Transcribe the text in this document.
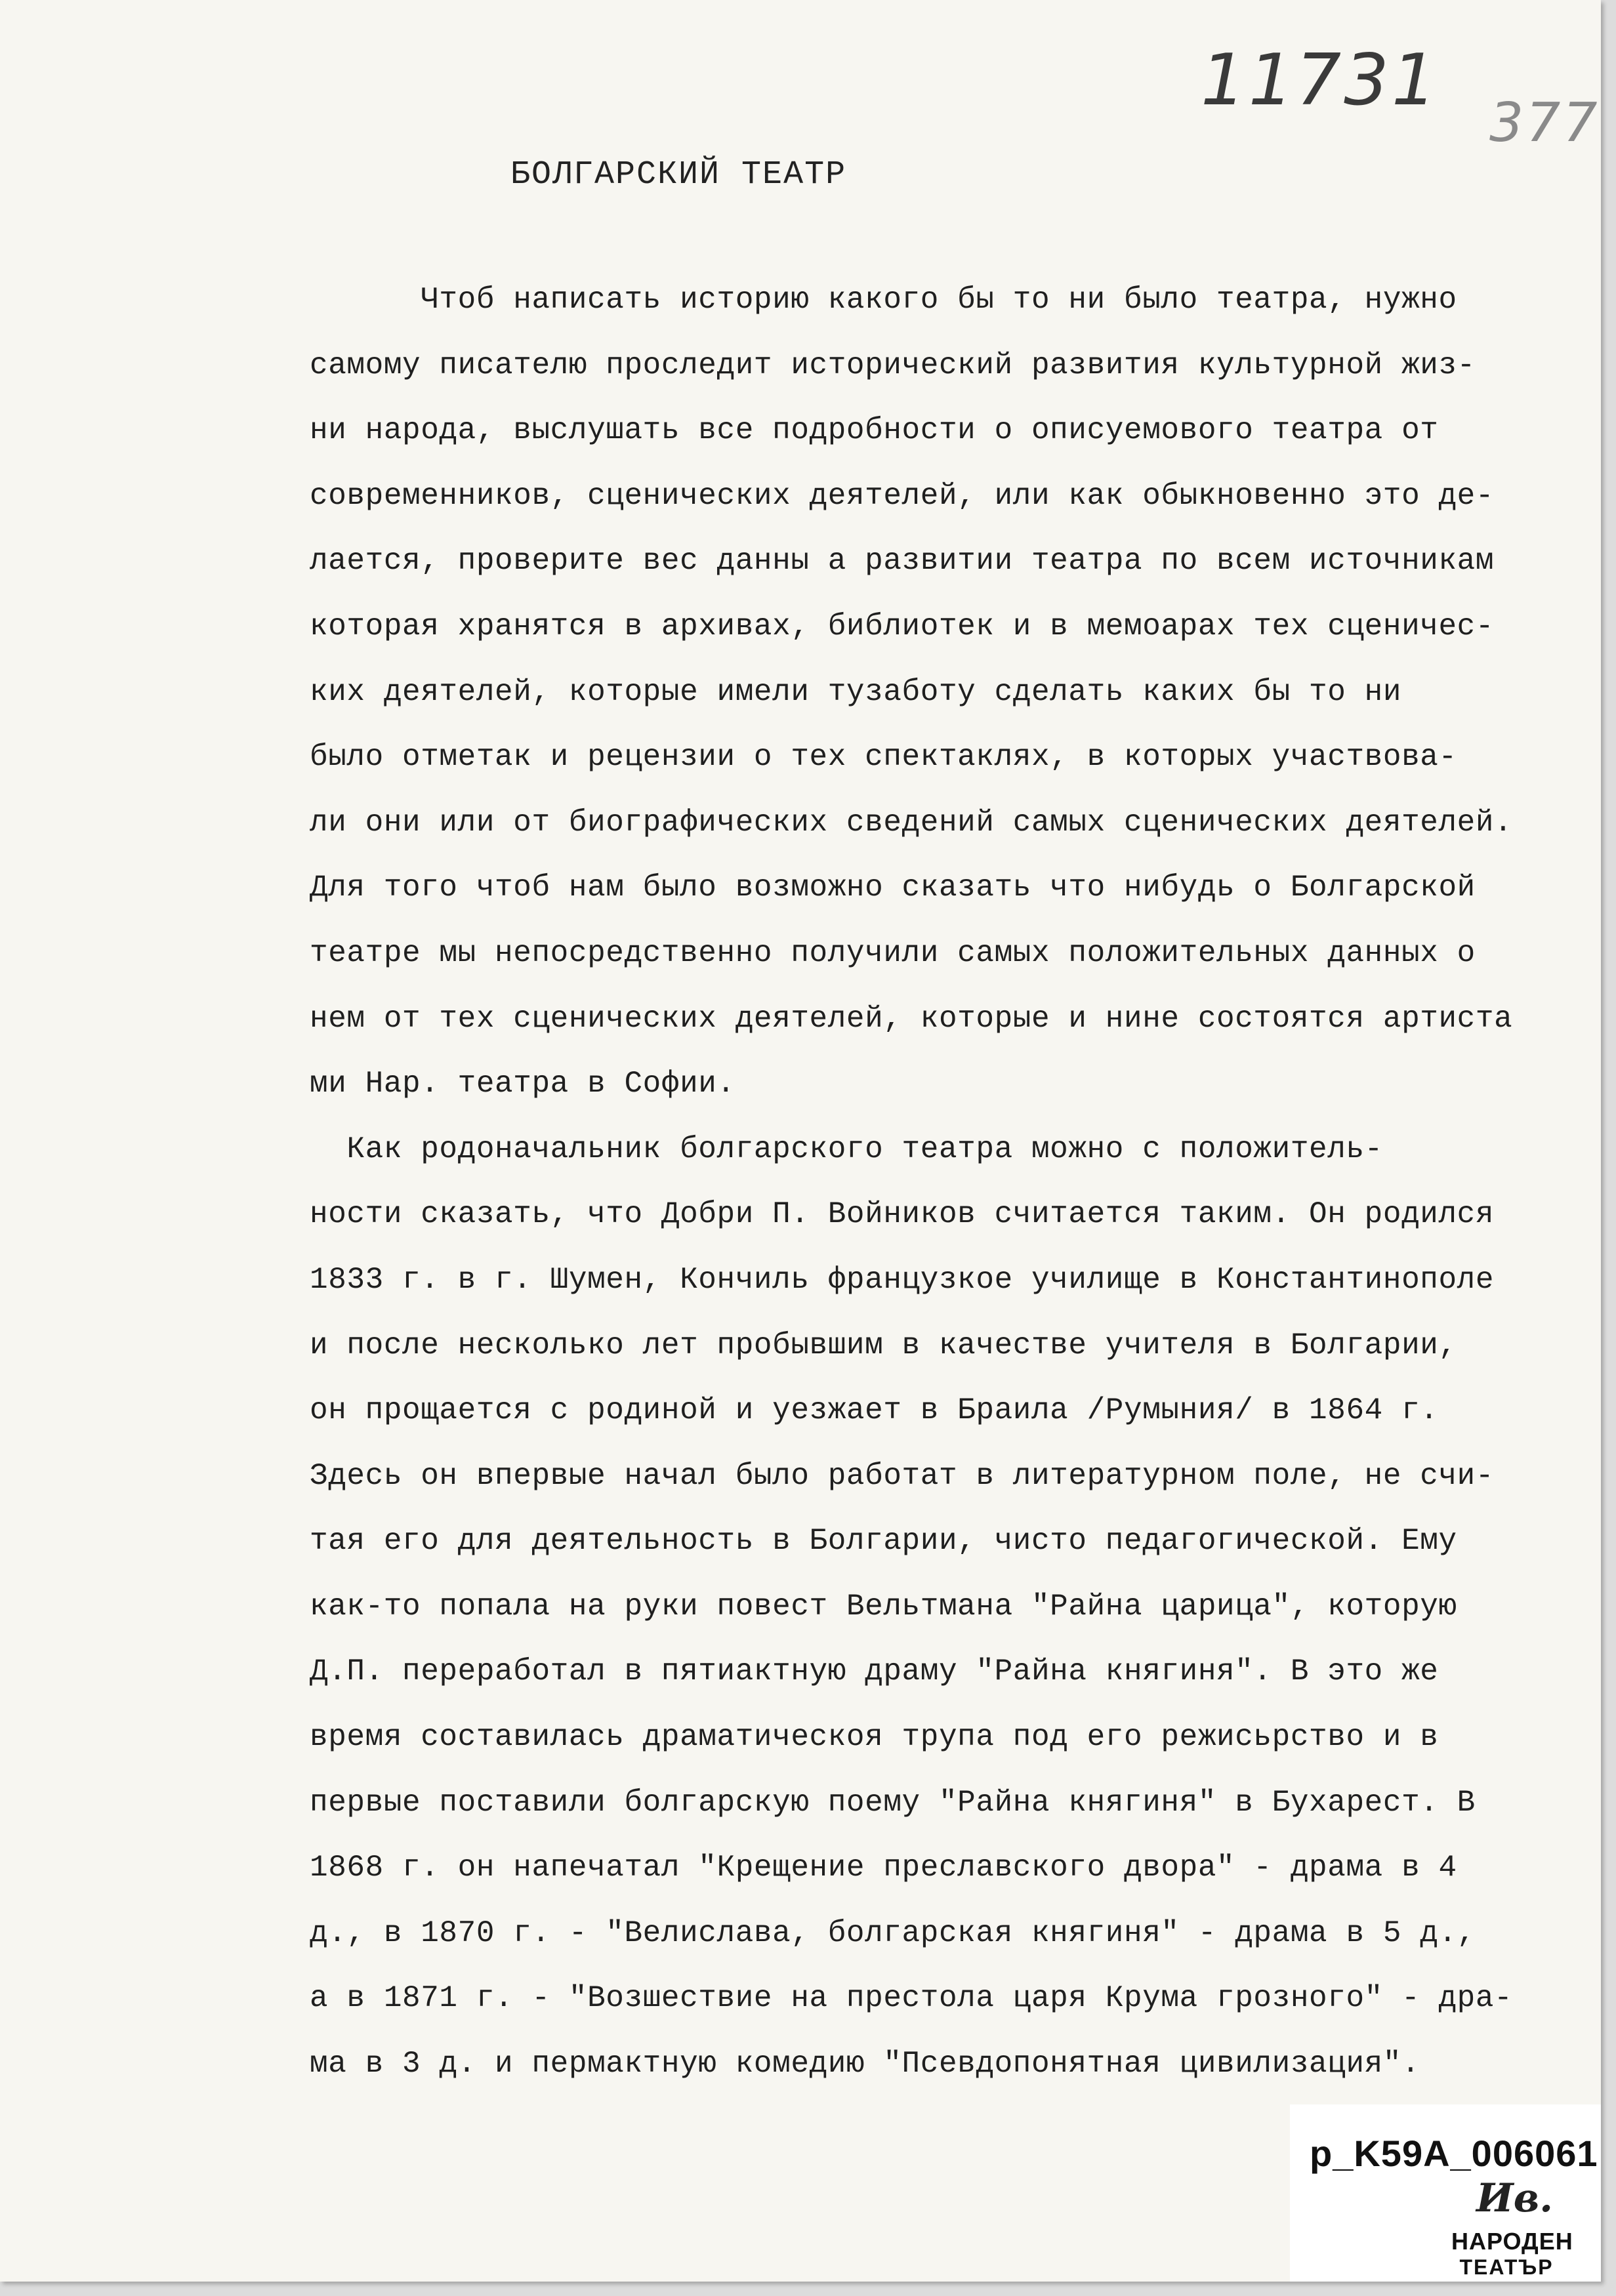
11731
377
БОЛГАРСКИЙ ТЕАТР
Чтоб написать историю какого бы то ни было театра, нужно
самому писателю проследит исторический развития культурной жиз-
ни народа, выслушать все подробности о описуемового театра от
современников, сценических деятелей, или как обыкновенно это де-
лается, проверите вес данны а развитии театра по всем источникам
которая хранятся в архивах, библиотек и в мемоарах тех сценичес-
ких деятелей, которые имели тузаботу сделать каких бы то ни
было отметак и рецензии о тех спектаклях, в которых участвова-
ли они или от биографических сведений самых сценических деятелей.
Для того чтоб нам было возможно сказать что нибудь о Болгарской
театре мы непосредственно получили самых положительных данных о
нем от тех сценических деятелей, которые и нине состоятся артиста
ми Нар. театра в Софии.
Как родоначальник болгарского театра можно с положитель-
ности сказать, что Добри П. Войников считается таким. Он родился
1833 г. в г. Шумен, Кончиль французкое училище в Константинополе
и после несколько лет пробывшим в качестве учителя в Болгарии,
он прощается с родиной и уезжает в Браила /Румыния/ в 1864 г.
Здесь он впервые начал было работат в литературном поле, не счи-
тая его для деятельность в Болгарии, чисто педагогической. Ему
как-то попала на руки повест Вельтмана "Райна царица", которую
Д.П. переработал в пятиактную драму "Райна княгиня". В это же
время составилась драматическоя трупа под его режисьрство и в
первые поставили болгарскую поему "Райна княгиня" в Бухарест. В
1868 г. он напечатал "Крещение преславского двора" - драма в 4
д., в 1870 г. - "Велислава, болгарская княгиня" - драма в 5 д.,
а в 1871 г. - "Возшествие на престола царя Крума грозного" - дра-
ма в 3 д. и пермактную комедию "Псевдопонятная цивилизация".
p_K59A_006061
Ив.
НАРОДЕН
ТЕАТЪР
